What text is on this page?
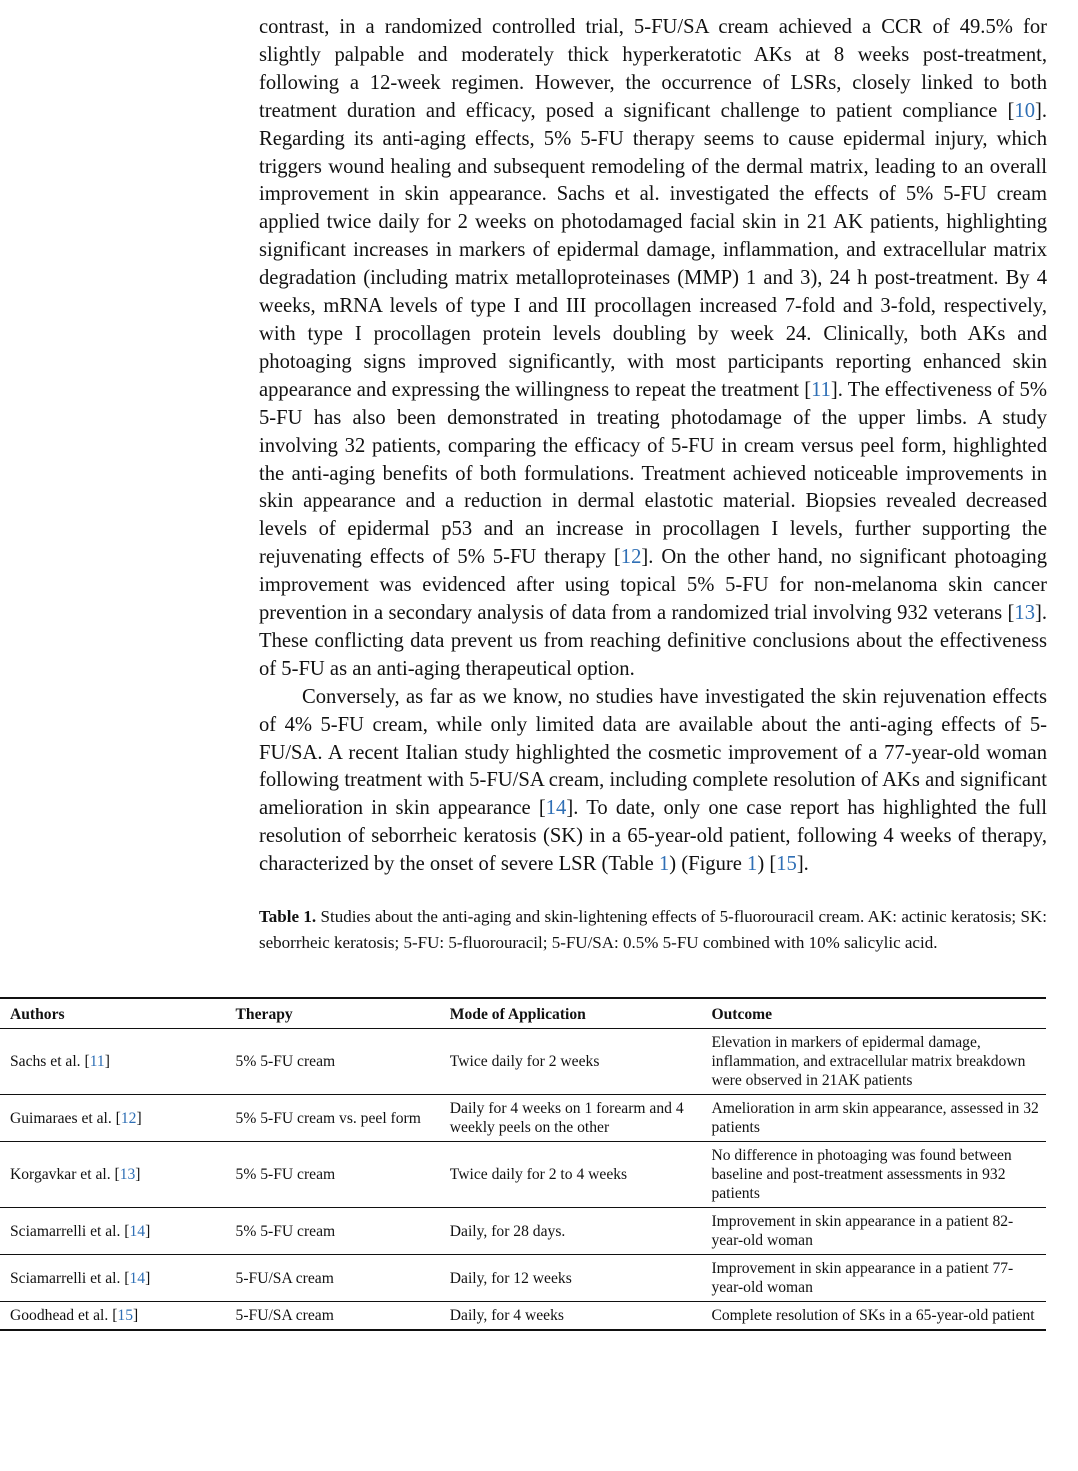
contrast, in a randomized controlled trial, 5-FU/SA cream achieved a CCR of 49.5% for slightly palpable and moderately thick hyperkeratotic AKs at 8 weeks post-treatment, following a 12-week regimen. However, the occurrence of LSRs, closely linked to both treatment duration and efficacy, posed a significant challenge to patient compliance [10]. Regarding its anti-aging effects, 5% 5-FU therapy seems to cause epidermal injury, which triggers wound healing and subsequent remodeling of the dermal matrix, leading to an overall improvement in skin appearance. Sachs et al. investigated the effects of 5% 5-FU cream applied twice daily for 2 weeks on photodamaged facial skin in 21 AK patients, highlighting significant increases in markers of epidermal damage, inflammation, and extracellular matrix degradation (including matrix metalloproteinases (MMP) 1 and 3), 24 h post-treatment. By 4 weeks, mRNA levels of type I and III procollagen increased 7-fold and 3-fold, respectively, with type I procollagen protein levels doubling by week 24. Clinically, both AKs and photoaging signs improved significantly, with most participants reporting enhanced skin appearance and expressing the willingness to repeat the treatment [11]. The effectiveness of 5% 5-FU has also been demonstrated in treating photodamage of the upper limbs. A study involving 32 patients, comparing the efficacy of 5-FU in cream versus peel form, highlighted the anti-aging benefits of both formulations. Treatment achieved noticeable improvements in skin appearance and a reduction in dermal elastotic material. Biopsies revealed decreased levels of epidermal p53 and an increase in procollagen I levels, further supporting the rejuvenating effects of 5% 5-FU therapy [12]. On the other hand, no significant photoaging improvement was evidenced after using topical 5% 5-FU for non-melanoma skin cancer prevention in a secondary analysis of data from a randomized trial involving 932 veterans [13]. These conflicting data prevent us from reaching definitive conclusions about the effectiveness of 5-FU as an anti-aging therapeutical option.

Conversely, as far as we know, no studies have investigated the skin rejuvenation effects of 4% 5-FU cream, while only limited data are available about the anti-aging effects of 5-FU/SA. A recent Italian study highlighted the cosmetic improvement of a 77-year-old woman following treatment with 5-FU/SA cream, including complete resolution of AKs and significant amelioration in skin appearance [14]. To date, only one case report has highlighted the full resolution of seborrheic keratosis (SK) in a 65-year-old patient, following 4 weeks of therapy, characterized by the onset of severe LSR (Table 1) (Figure 1) [15].

Table 1. Studies about the anti-aging and skin-lightening effects of 5-fluorouracil cream. AK: actinic keratosis; SK: seborrheic keratosis; 5-FU: 5-fluorouracil; 5-FU/SA: 0.5% 5-FU combined with 10% salicylic acid.
Authors	Therapy	Mode of Application	Outcome
Sachs et al. [11]	5% 5-FU cream	Twice daily for 2 weeks	Elevation in markers of epidermal damage, inflammation, and extracellular matrix breakdown were observed in 21AK patients
Guimaraes et al. [12]	5% 5-FU cream vs. peel form	Daily for 4 weeks on 1 forearm and 4 weekly peels on the other	Amelioration in arm skin appearance, assessed in 32 patients
Korgavkar et al. [13]	5% 5-FU cream	Twice daily for 2 to 4 weeks	No difference in photoaging was found between baseline and post-treatment assessments in 932 patients
Sciamarrelli et al. [14]	5% 5-FU cream	Daily, for 28 days.	Improvement in skin appearance in a patient 82-year-old woman
Sciamarrelli et al. [14]	5-FU/SA cream	Daily, for 12 weeks	Improvement in skin appearance in a patient 77-year-old woman
Goodhead et al. [15]	5-FU/SA cream	Daily, for 4 weeks	Complete resolution of SKs in a 65-year-old patient
